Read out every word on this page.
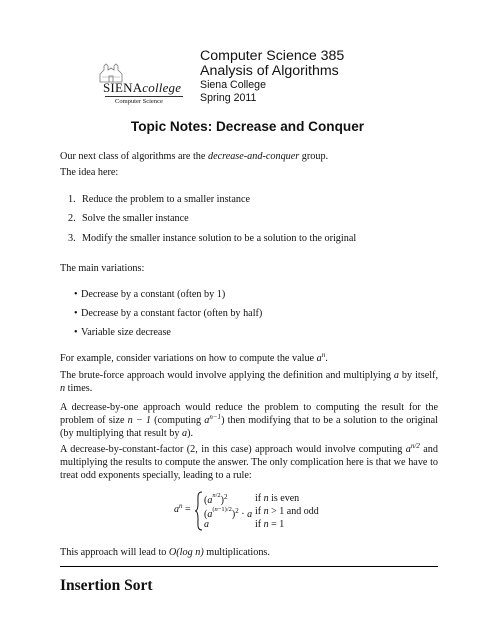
SIENAcollege
Computer Science
Computer Science 385
Analysis of Algorithms
Siena College
Spring 2011
Topic Notes: Decrease and Conquer
Our next class of algorithms are the decrease-and-conquer group.
The idea here:
1. Reduce the problem to a smaller instance
2. Solve the smaller instance
3. Modify the smaller instance solution to be a solution to the original
The main variations:
• Decrease by a constant (often by 1)
• Decrease by a constant factor (often by half)
• Variable size decrease
For example, consider variations on how to compute the value $a^n$.
The brute-force approach would involve applying the definition and multiplying a by itself, n times.
A decrease-by-one approach would reduce the problem to computing the result for the problem of size n − 1 (computing $a^{n-1}$) then modifying that to be a solution to the original (by multiplying that result by a).
A decrease-by-constant-factor (2, in this case) approach would involve computing $a^{n/2}$ and multiplying the results to compute the answer. The only complication here is that we have to treat odd exponents specially, leading to a rule:
$a^n$ =
$(a^{n/2})^2$	if n is even
$(a^{(n-1)/2})^2 \cdot a$ if n > 1 and odd
a	if n = 1
This approach will lead to O(log n) multiplications.
Insertion Sort
